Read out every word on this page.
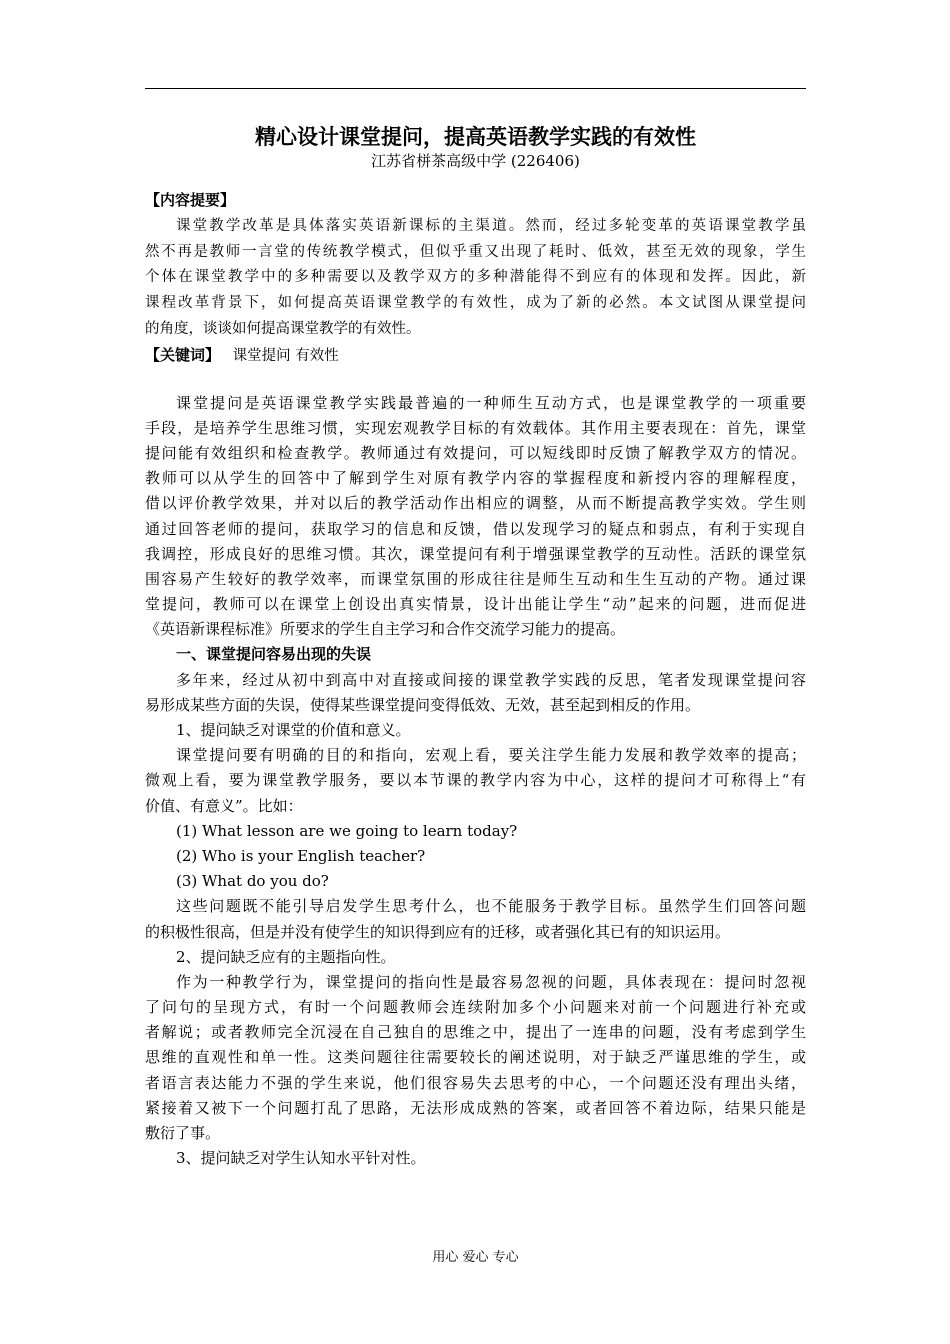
精心设计课堂提问，提高英语教学实践的有效性
江苏省栟茶高级中学 (226406)
【内容提要】
课堂教学改革是具体落实英语新课标的主渠道。然而，经过多轮变革的英语课堂教学虽
然不再是教师一言堂的传统教学模式，但似乎重又出现了耗时、低效，甚至无效的现象，学生
个体在课堂教学中的多种需要以及教学双方的多种潜能得不到应有的体现和发挥。因此，新
课程改革背景下，如何提高英语课堂教学的有效性，成为了新的必然。本文试图从课堂提问
的角度，谈谈如何提高课堂教学的有效性。
【关键词】 课堂提问 有效性
课堂提问是英语课堂教学实践最普遍的一种师生互动方式，也是课堂教学的一项重要
手段，是培养学生思维习惯，实现宏观教学目标的有效载体。其作用主要表现在：首先，课堂
提问能有效组织和检查教学。教师通过有效提问，可以短线即时反馈了解教学双方的情况。
教师可以从学生的回答中了解到学生对原有教学内容的掌握程度和新授内容的理解程度，
借以评价教学效果，并对以后的教学活动作出相应的调整，从而不断提高教学实效。学生则
通过回答老师的提问，获取学习的信息和反馈，借以发现学习的疑点和弱点，有利于实现自
我调控，形成良好的思维习惯。其次，课堂提问有利于增强课堂教学的互动性。活跃的课堂氛
围容易产生较好的教学效率，而课堂氛围的形成往往是师生互动和生生互动的产物。通过课
堂提问，教师可以在课堂上创设出真实情景，设计出能让学生“动”起来的问题，进而促进
《英语新课程标准》所要求的学生自主学习和合作交流学习能力的提高。
一、课堂提问容易出现的失误
多年来，经过从初中到高中对直接或间接的课堂教学实践的反思，笔者发现课堂提问容
易形成某些方面的失误，使得某些课堂提问变得低效、无效，甚至起到相反的作用。
1、提问缺乏对课堂的价值和意义。
课堂提问要有明确的目的和指向，宏观上看，要关注学生能力发展和教学效率的提高；
微观上看，要为课堂教学服务，要以本节课的教学内容为中心，这样的提问才可称得上“有
价值、有意义”。比如：
(1) What lesson are we going to learn today?
(2) Who is your English teacher?
(3) What do you do?
这些问题既不能引导启发学生思考什么，也不能服务于教学目标。虽然学生们回答问题
的积极性很高，但是并没有使学生的知识得到应有的迁移，或者强化其已有的知识运用。
2、提问缺乏应有的主题指向性。
作为一种教学行为，课堂提问的指向性是最容易忽视的问题，具体表现在：提问时忽视
了问句的呈现方式，有时一个问题教师会连续附加多个小问题来对前一个问题进行补充或
者解说；或者教师完全沉浸在自己独自的思维之中，提出了一连串的问题，没有考虑到学生
思维的直观性和单一性。这类问题往往需要较长的阐述说明，对于缺乏严谨思维的学生，或
者语言表达能力不强的学生来说，他们很容易失去思考的中心，一个问题还没有理出头绪，
紧接着又被下一个问题打乱了思路，无法形成成熟的答案，或者回答不着边际，结果只能是
敷衍了事。
3、提问缺乏对学生认知水平针对性。
用心 爱心 专心
